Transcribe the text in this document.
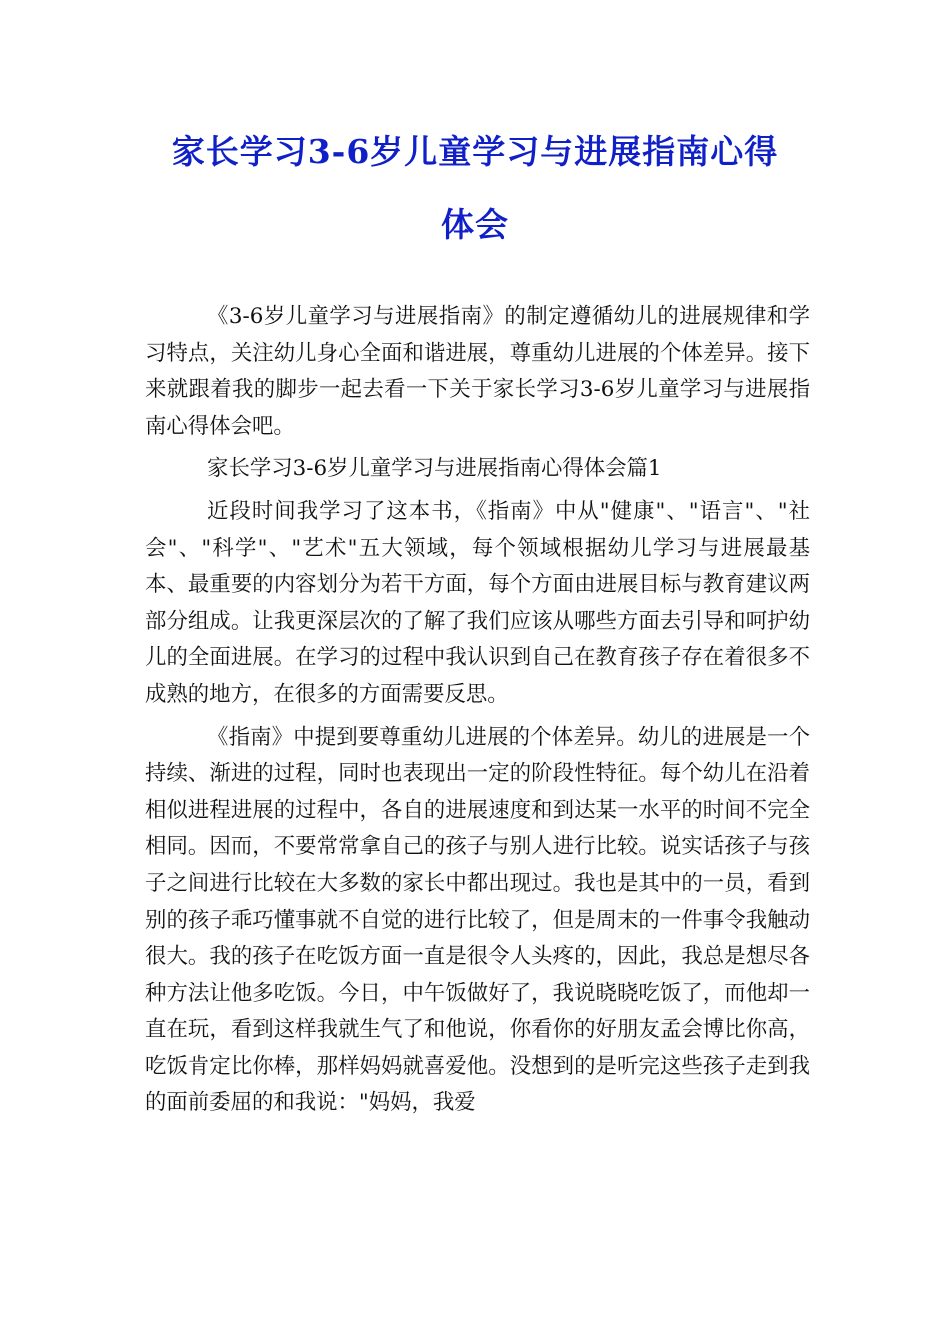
家长学习3-6岁儿童学习与进展指南心得
体会

《3-6岁儿童学习与进展指南》的制定遵循幼儿的进展规律和学习特点，关注幼儿身心全面和谐进展，尊重幼儿进展的个体差异。接下来就跟着我的脚步一起去看一下关于家长学习3-6岁儿童学习与进展指南心得体会吧。

家长学习3-6岁儿童学习与进展指南心得体会篇1

近段时间我学习了这本书，《指南》中从"健康"、"语言"、"社会"、"科学"、"艺术"五大领域，每个领域根据幼儿学习与进展最基本、最重要的内容划分为若干方面，每个方面由进展目标与教育建议两部分组成。让我更深层次的了解了我们应该从哪些方面去引导和呵护幼儿的全面进展。在学习的过程中我认识到自己在教育孩子存在着很多不成熟的地方，在很多的方面需要反思。

《指南》中提到要尊重幼儿进展的个体差异。幼儿的进展是一个持续、渐进的过程，同时也表现出一定的阶段性特征。每个幼儿在沿着相似进程进展的过程中，各自的进展速度和到达某一水平的时间不完全相同。因而，不要常常拿自己的孩子与别人进行比较。说实话孩子与孩子之间进行比较在大多数的家长中都出现过。我也是其中的一员，看到别的孩子乖巧懂事就不自觉的进行比较了，但是周末的一件事令我触动很大。我的孩子在吃饭方面一直是很令人头疼的，因此，我总是想尽各种方法让他多吃饭。今日，中午饭做好了，我说晓晓吃饭了，而他却一直在玩，看到这样我就生气了和他说，你看你的好朋友孟会博比你高，吃饭肯定比你棒，那样妈妈就喜爱他。没想到的是听完这些孩子走到我的面前委屈的和我说："妈妈，我爱
